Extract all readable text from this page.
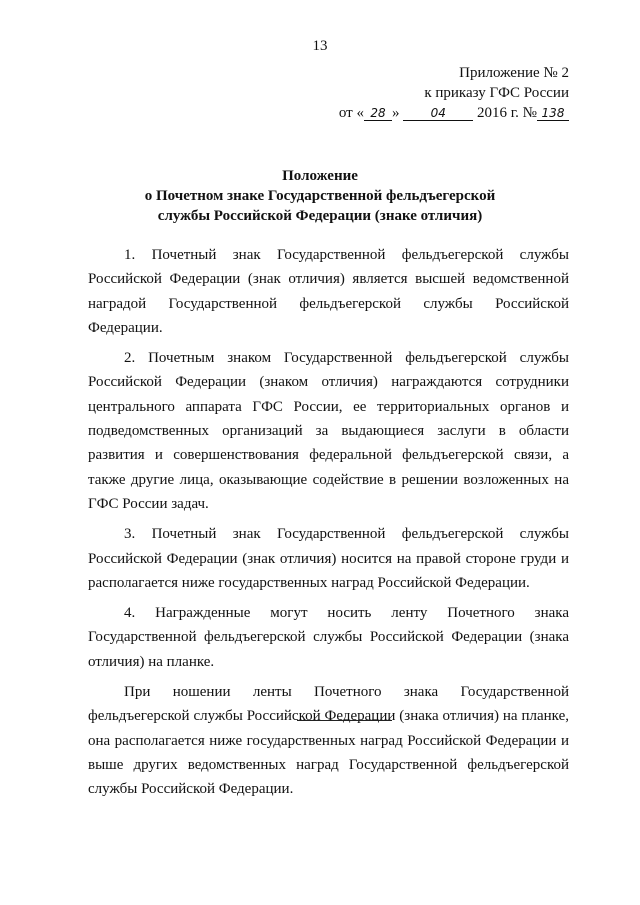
13
Приложение № 2
к приказу ГФС России
от « 28 »	04 2016 г. № 138
Положение
о Почетном знаке Государственной фельдъегерской
службы Российской Федерации (знаке отличия)

1. Почетный знак Государственной фельдъегерской службы Российской Федерации (знак отличия) является высшей ведомственной наградой Государственной фельдъегерской службы Российской Федерации.

2. Почетным знаком Государственной фельдъегерской службы Российской Федерации (знаком отличия) награждаются сотрудники центрального аппарата ГФС России, ее территориальных органов и подведомственных организаций за выдающиеся заслуги в области развития и совершенствования федеральной фельдъегерской связи, а также другие лица, оказывающие содействие в решении возложенных на ГФС России задач.

3. Почетный знак Государственной фельдъегерской службы Российской Федерации (знак отличия) носится на правой стороне груди и располагается ниже государственных наград Российской Федерации.

4. Награжденные могут носить ленту Почетного знака Государственной фельдъегерской службы Российской Федерации (знака отличия) на планке.

При ношении ленты Почетного знака Государственной фельдъегерской службы Российской Федерации (знака отличия) на планке, она располагается ниже государственных наград Российской Федерации и выше других ведомственных наград Государственной фельдъегерской службы Российской Федерации.
